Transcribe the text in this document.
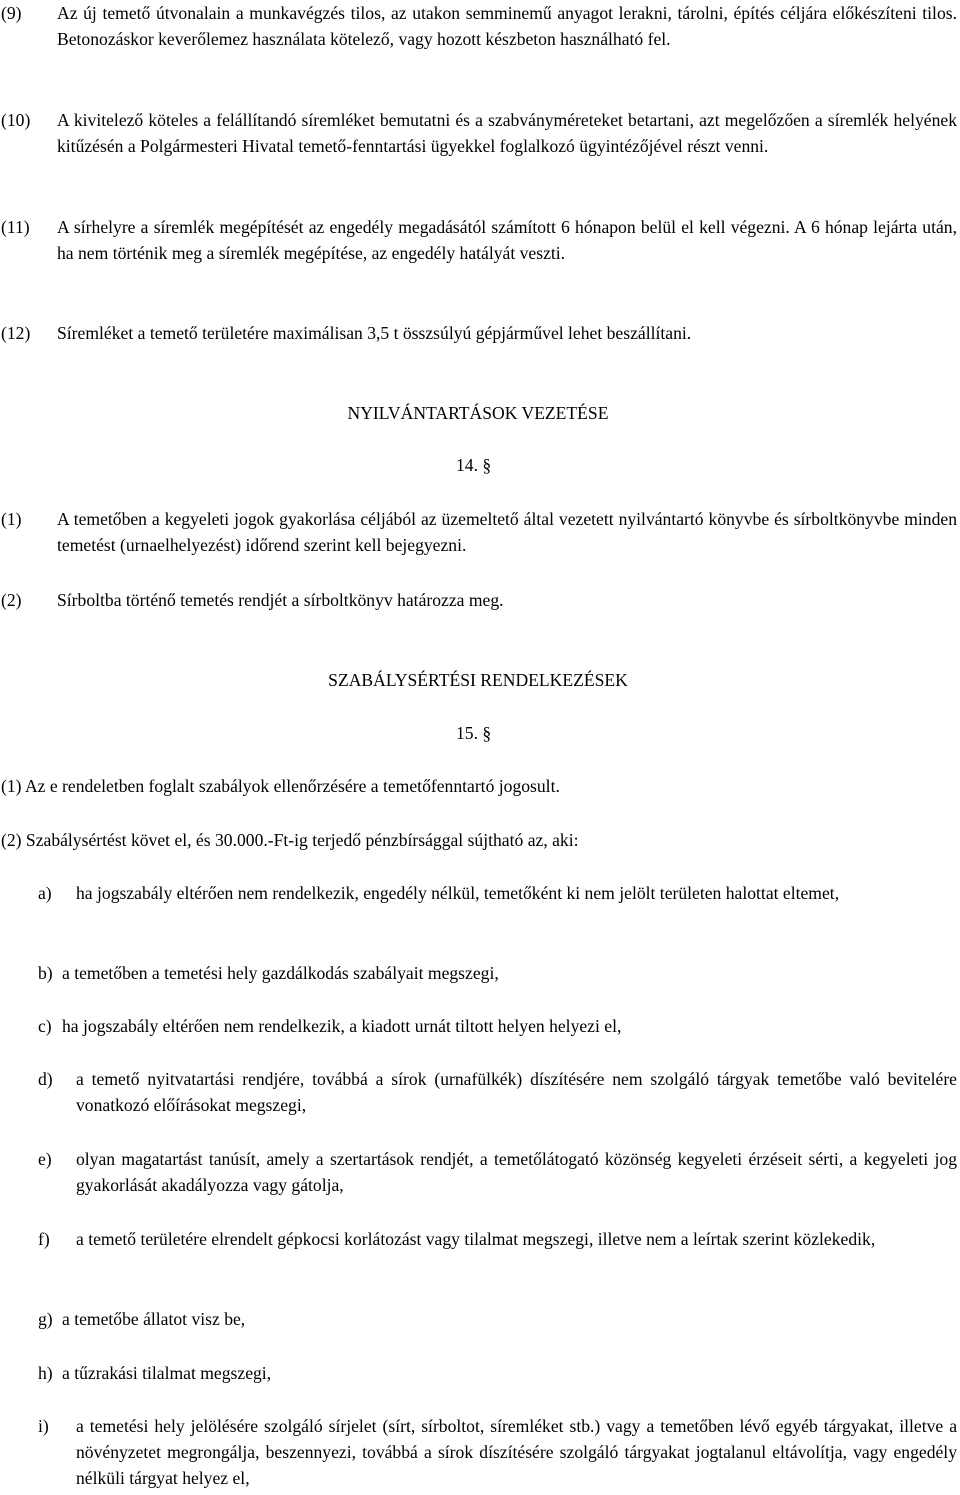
(9) Az új temető útvonalain a munkavégzés tilos, az utakon semminemű anyagot lerakni, tárolni, építés céljára előkészíteni tilos. Betonozáskor keverőlemez használata kötelező, vagy hozott készbeton használható fel.
(10) A kivitelező köteles a felállítandó síremléket bemutatni és a szabványméreteket betartani, azt megelőzően a síremlék helyének kitűzésén a Polgármesteri Hivatal temető-fenntartási ügyekkel foglalkozó ügyintézőjével részt venni.
(11) A sírhelyre a síremlék megépítését az engedély megadásától számított 6 hónapon belül el kell végezni. A 6 hónap lejárta után, ha nem történik meg a síremlék megépítése, az engedély hatályát veszti.
(12) Síremléket a temető területére maximálisan 3,5 t összsúlyú gépjárművel lehet beszállítani.
NYILVÁNTARTÁSOK VEZETÉSE
14. §
(1) A temetőben a kegyeleti jogok gyakorlása céljából az üzemeltető által vezetett nyilvántartó könyvbe és sírboltkönyvbe minden temetést (urnaelhelyezést) időrend szerint kell bejegyezni.
(2) Sírboltba történő temetés rendjét a sírboltkönyv határozza meg.
SZABÁLYSÉRTÉSI RENDELKEZÉSEK
15. §
(1) Az e rendeletben foglalt szabályok ellenőrzésére a temetőfenntartó jogosult.
(2) Szabálysértést követ el, és 30.000.-Ft-ig terjedő pénzbírsággal sújtható az, aki:
a) ha jogszabály eltérően nem rendelkezik, engedély nélkül, temetőként ki nem jelölt területen halottat eltemet,
b) a temetőben a temetési hely gazdálkodás szabályait megszegi,
c) ha jogszabály eltérően nem rendelkezik, a kiadott urnát tiltott helyen helyezi el,
d) a temető nyitvatartási rendjére, továbbá a sírok (urnafülkék) díszítésére nem szolgáló tárgyak temetőbe való bevitelére vonatkozó előírásokat megszegi,
e) olyan magatartást tanúsít, amely a szertartások rendjét, a temetőlátogató közönség kegyeleti érzéseit sérti, a kegyeleti jog gyakorlását akadályozza vagy gátolja,
f) a temető területére elrendelt gépkocsi korlátozást vagy tilalmat megszegi, illetve nem a leírtak szerint közlekedik,
g) a temetőbe állatot visz be,
h) a tűzrakási tilalmat megszegi,
i) a temetési hely jelölésére szolgáló sírjelet (sírt, sírboltot, síremléket stb.) vagy a temetőben lévő egyéb tárgyakat, illetve a növényzetet megrongálja, beszennyezi, továbbá a sírok díszítésére szolgáló tárgyakat jogtalanul eltávolítja, vagy engedély nélküli tárgyat helyez el,
